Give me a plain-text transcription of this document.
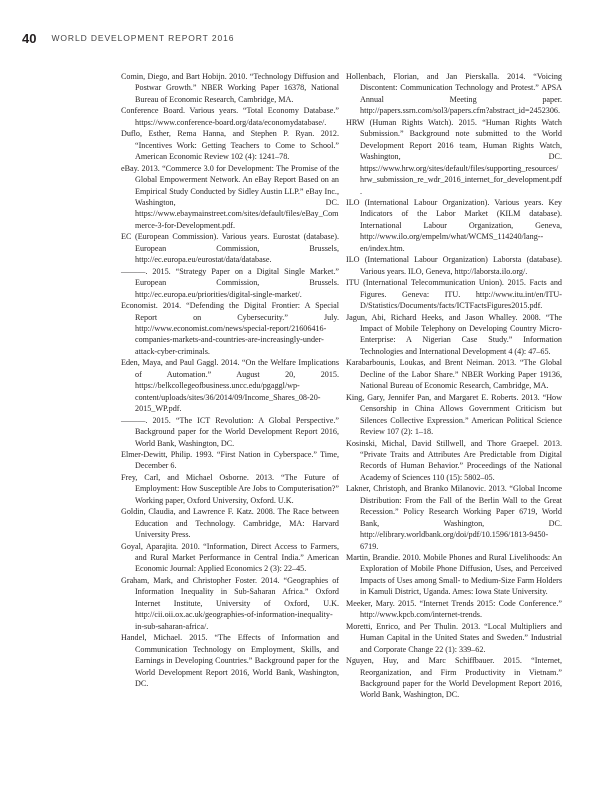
40 WORLD DEVELOPMENT REPORT 2016

Comin, Diego, and Bart Hobijn. 2010. “Technology Diffusion and Postwar Growth.” NBER Working Paper 16378, National Bureau of Economic Research, Cambridge, MA.

Conference Board. Various years. “Total Economy Database.” https://www.conference-board.org/data/economydatabase/.

Duflo, Esther, Rema Hanna, and Stephen P. Ryan. 2012. “Incentives Work: Getting Teachers to Come to School.” American Economic Review 102 (4): 1241–78.

eBay. 2013. “Commerce 3.0 for Development: The Promise of the Global Empowerment Network. An eBay Report Based on an Empirical Study Conducted by Sidley Austin LLP.” eBay Inc., Washington, DC. https://www.ebaymainstreet.com/sites/default/files/eBay_Commerce-3-for-Development.pdf.

EC (European Commission). Various years. Eurostat (database). European Commission, Brussels, http://ec.europa.eu/eurostat/data/database.

———. 2015. “Strategy Paper on a Digital Single Market.” European Commission, Brussels. http://ec.europa.eu/priorities/digital-single-market/.

Economist. 2014. “Defending the Digital Frontier: A Special Report on Cybersecurity.” July. http://www.economist.com/news/special-report/21606416-companies-markets-and-countries-are-increasingly-under-attack-cyber-criminals.

Eden, Maya, and Paul Gaggl. 2014. “On the Welfare Implications of Automation.” August 20, 2015. https://belkcollegeofbusiness.uncc.edu/pgaggl/wp-content/uploads/sites/36/2014/09/Income_Shares_08-20-2015_WP.pdf.

———. 2015. “The ICT Revolution: A Global Perspective.” Background paper for the World Development Report 2016, World Bank, Washington, DC.

Elmer-Dewitt, Philip. 1993. “First Nation in Cyberspace.” Time, December 6.

Frey, Carl, and Michael Osborne. 2013. “The Future of Employment: How Susceptible Are Jobs to Computerisation?” Working paper, Oxford University, Oxford. U.K.

Goldin, Claudia, and Lawrence F. Katz. 2008. The Race between Education and Technology. Cambridge, MA: Harvard University Press.

Goyal, Aparajita. 2010. “Information, Direct Access to Farmers, and Rural Market Performance in Central India.” American Economic Journal: Applied Economics 2 (3): 22–45.

Graham, Mark, and Christopher Foster. 2014. “Geographies of Information Inequality in Sub-Saharan Africa.” Oxford Internet Institute, University of Oxford, U.K. http://cii.oii.ox.ac.uk/geographies-of-information-inequality-in-sub-saharan-africa/.

Handel, Michael. 2015. “The Effects of Information and Communication Technology on Employment, Skills, and Earnings in Developing Countries.” Background paper for the World Development Report 2016, World Bank, Washington, DC.

Hollenbach, Florian, and Jan Pierskalla. 2014. “Voicing Discontent: Communication Technology and Protest.” APSA Annual Meeting paper. http://papers.ssrn.com/sol3/papers.cfm?abstract_id=2452306.

HRW (Human Rights Watch). 2015. “Human Rights Watch Submission.” Background note submitted to the World Development Report 2016 team, Human Rights Watch, Washington, DC. https://www.hrw.org/sites/default/files/supporting_resources/hrw_submission_re_wdr_2016_internet_for_development.pdf.

ILO (International Labour Organization). Various years. Key Indicators of the Labor Market (KILM database). International Labour Organization, Geneva, http://www.ilo.org/empelm/what/WCMS_114240/lang--en/index.htm.

ILO (International Labour Organization) Laborsta (database). Various years. ILO, Geneva, http://laborsta.ilo.org/.

ITU (International Telecommunication Union). 2015. Facts and Figures. Geneva: ITU. http://www.itu.int/en/ITU-D/Statistics/Documents/facts/ICTFactsFigures2015.pdf.

Jagun, Abi, Richard Heeks, and Jason Whalley. 2008. “The Impact of Mobile Telephony on Developing Country Micro-Enterprise: A Nigerian Case Study.” Information Technologies and International Development 4 (4): 47–65.

Karabarbounis, Loukas, and Brent Neiman. 2013. “The Global Decline of the Labor Share.” NBER Working Paper 19136, National Bureau of Economic Research, Cambridge, MA.

King, Gary, Jennifer Pan, and Margaret E. Roberts. 2013. “How Censorship in China Allows Government Criticism but Silences Collective Expression.” American Political Science Review 107 (2): 1–18.

Kosinski, Michal, David Stillwell, and Thore Graepel. 2013. “Private Traits and Attributes Are Predictable from Digital Records of Human Behavior.” Proceedings of the National Academy of Sciences 110 (15): 5802–05.

Lakner, Christoph, and Branko Milanovic. 2013. “Global Income Distribution: From the Fall of the Berlin Wall to the Great Recession.” Policy Research Working Paper 6719, World Bank, Washington, DC. http://elibrary.worldbank.org/doi/pdf/10.1596/1813-9450-6719.

Martin, Brandie. 2010. Mobile Phones and Rural Livelihoods: An Exploration of Mobile Phone Diffusion, Uses, and Perceived Impacts of Uses among Small- to Medium-Size Farm Holders in Kamuli District, Uganda. Ames: Iowa State University.

Meeker, Mary. 2015. “Internet Trends 2015: Code Conference.” http://www.kpcb.com/internet-trends.

Moretti, Enrico, and Per Thulin. 2013. “Local Multipliers and Human Capital in the United States and Sweden.” Industrial and Corporate Change 22 (1): 339–62.

Nguyen, Huy, and Marc Schiffbauer. 2015. “Internet, Reorganization, and Firm Productivity in Vietnam.” Background paper for the World Development Report 2016, World Bank, Washington, DC.
